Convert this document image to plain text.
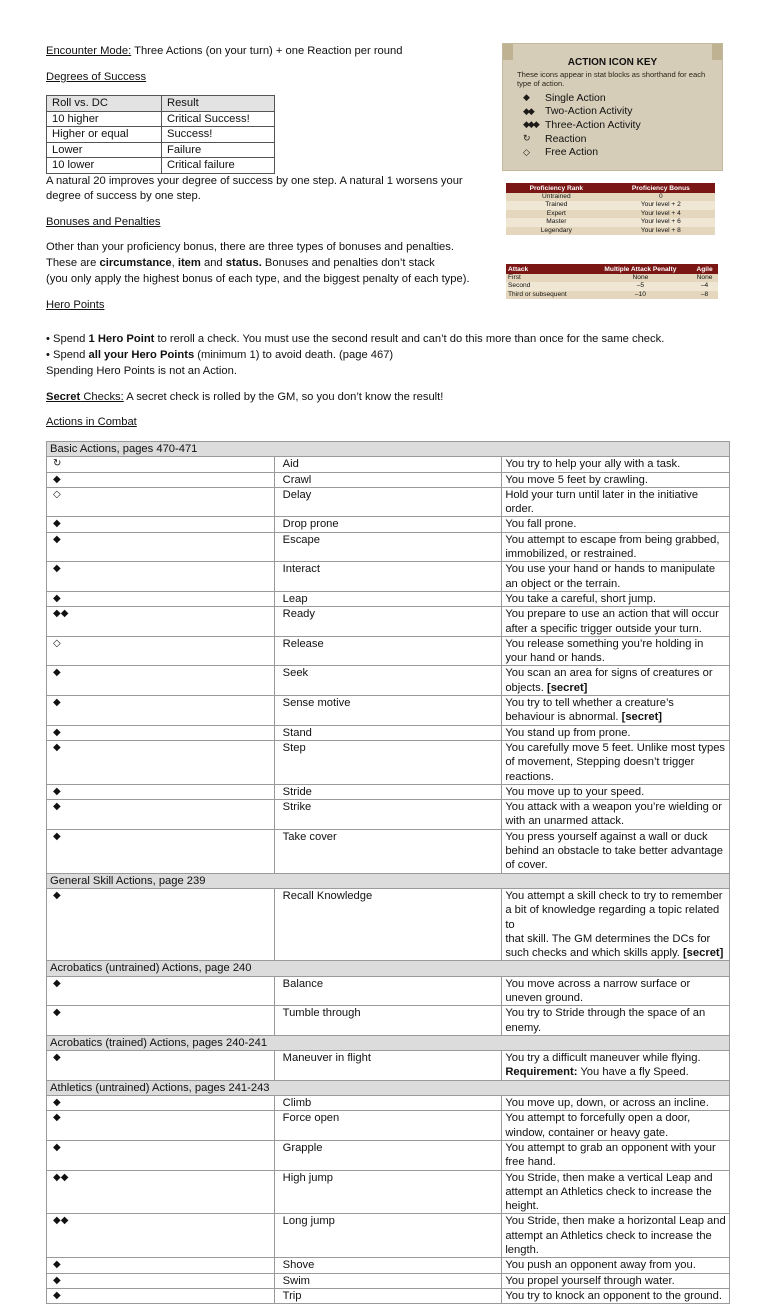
Encounter Mode: Three Actions (on your turn) + one Reaction per round
Degrees of Success
Roll vs. DC	Result
10 higher	Critical Success!
Higher or equal	Success!
Lower	Failure
10 lower	Critical failure
A natural 20 improves your degree of success by one step. A natural 1 worsens your
degree of success by one step.
Bonuses and Penalties
Other than your proficiency bonus, there are three types of bonuses and penalties.
These are circumstance, item and status. Bonuses and penalties don’t stack
(you only apply the highest bonus of each type, and the biggest penalty of each type).
Hero Points
• Spend 1 Hero Point to reroll a check. You must use the second result and can’t do this more than once for the same check.
• Spend all your Hero Points (minimum 1) to avoid death. (page 467)
Spending Hero Points is not an Action.
Secret Checks: A secret check is rolled by the GM, so you don’t know the result!
Actions in Combat
ACTION ICON KEY
These icons appear in stat blocks as shorthand for each
type of action.
◆	Single Action
◆◆	Two-Action Activity
◆◆◆ Three-Action Activity
↻	Reaction
◇	Free Action
Proficiency Rank	Proficiency Bonus
Untrained	0
Trained	Your level + 2
Expert	Your level + 4
Master	Your level + 6
Legendary	Your level + 8
Attack	Multiple Attack Penalty	Agile
First	None	None
Second	–5	–4
Third or subsequent	–10	–8
Basic Actions, pages 470-471		
↻	Aid	You try to help your ally with a task.
◆	Crawl	You move 5 feet by crawling.
◇	Delay	Hold your turn until later in the initiative order.
◆	Drop prone	You fall prone.
◆	Escape	You attempt to escape from being grabbed, immobilized, or restrained.
◆	Interact	You use your hand or hands to manipulate an object or the terrain.
◆	Leap	You take a careful, short jump.
◆◆	Ready	You prepare to use an action that will occur after a specific trigger outside your turn.
◇	Release	You release something you’re holding in your hand or hands.
◆	Seek	You scan an area for signs of creatures or objects. [secret]
◆	Sense motive	You try to tell whether a creature’s behaviour is abnormal. [secret]
◆	Stand	You stand up from prone.
◆	Step	You carefully move 5 feet. Unlike most types of movement, Stepping doesn’t trigger reactions.
◆	Stride	You move up to your speed.
◆	Strike	You attack with a weapon you’re wielding or with an unarmed attack.
◆	Take cover	You press yourself against a wall or duck behind an obstacle to take better advantage of cover.
General Skill Actions, page 239		
◆	Recall Knowledge	You attempt a skill check to try to remember a bit of knowledge regarding a topic related to
that skill. The GM determines the DCs for such checks and which skills apply. [secret]
Acrobatics (untrained) Actions, page 240		
◆	Balance	You move across a narrow surface or uneven ground.
◆	Tumble through	You try to Stride through the space of an enemy.
Acrobatics (trained) Actions, pages 240-241		
◆	Maneuver in flight	You try a difficult maneuver while flying. Requirement: You have a fly Speed.
Athletics (untrained) Actions, pages 241-243		
◆	Climb	You move up, down, or across an incline.
◆	Force open	You attempt to forcefully open a door, window, container or heavy gate.
◆	Grapple	You attempt to grab an opponent with your free hand.
◆◆	High jump	You Stride, then make a vertical Leap and attempt an Athletics check to increase the height.
◆◆	Long jump	You Stride, then make a horizontal Leap and attempt an Athletics check to increase the length.
◆	Shove	You push an opponent away from you.
◆	Swim	You propel yourself through water.
◆	Trip	You try to knock an opponent to the ground.
